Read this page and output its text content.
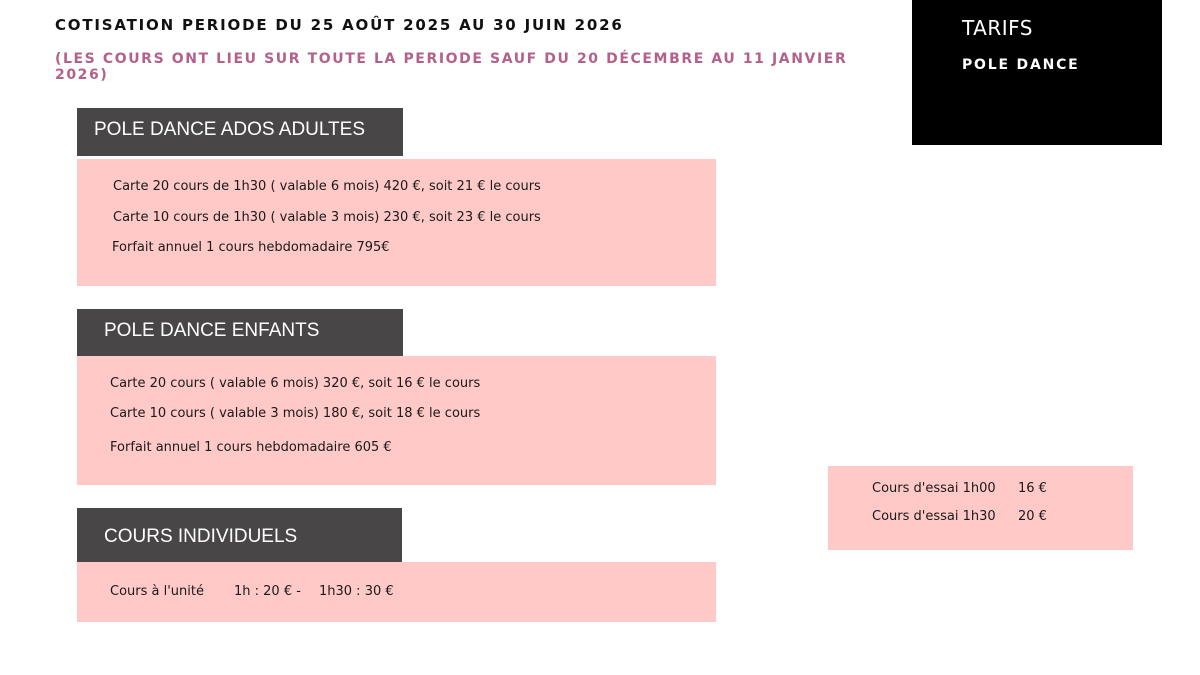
COTISATION PERIODE DU 25 AOÛT 2025 AU 30 JUIN 2026
(LES COURS ONT LIEU SUR TOUTE LA PERIODE SAUF DU 20 DÉCEMBRE AU 11 JANVIER 2026)
TARIFS
POLE DANCE
POLE DANCE ADOS ADULTES
Carte 20 cours de 1h30 ( valable 6 mois) 420 €, soit 21 € le cours
Carte 10 cours de 1h30 ( valable 3 mois) 230 €, soit 23 € le cours
Forfait annuel 1 cours hebdomadaire 795€
POLE DANCE ENFANTS
Carte 20 cours ( valable 6 mois) 320 €, soit 16 € le cours
Carte 10 cours ( valable 3 mois) 180 €, soit 18 € le cours
Forfait annuel 1 cours hebdomadaire 605 €
COURS INDIVIDUELS
Cours à l'unité 1h : 20 € - 1h30 : 30 €
Cours d'essai 1h00 16 €
Cours d'essai 1h30 20 €
